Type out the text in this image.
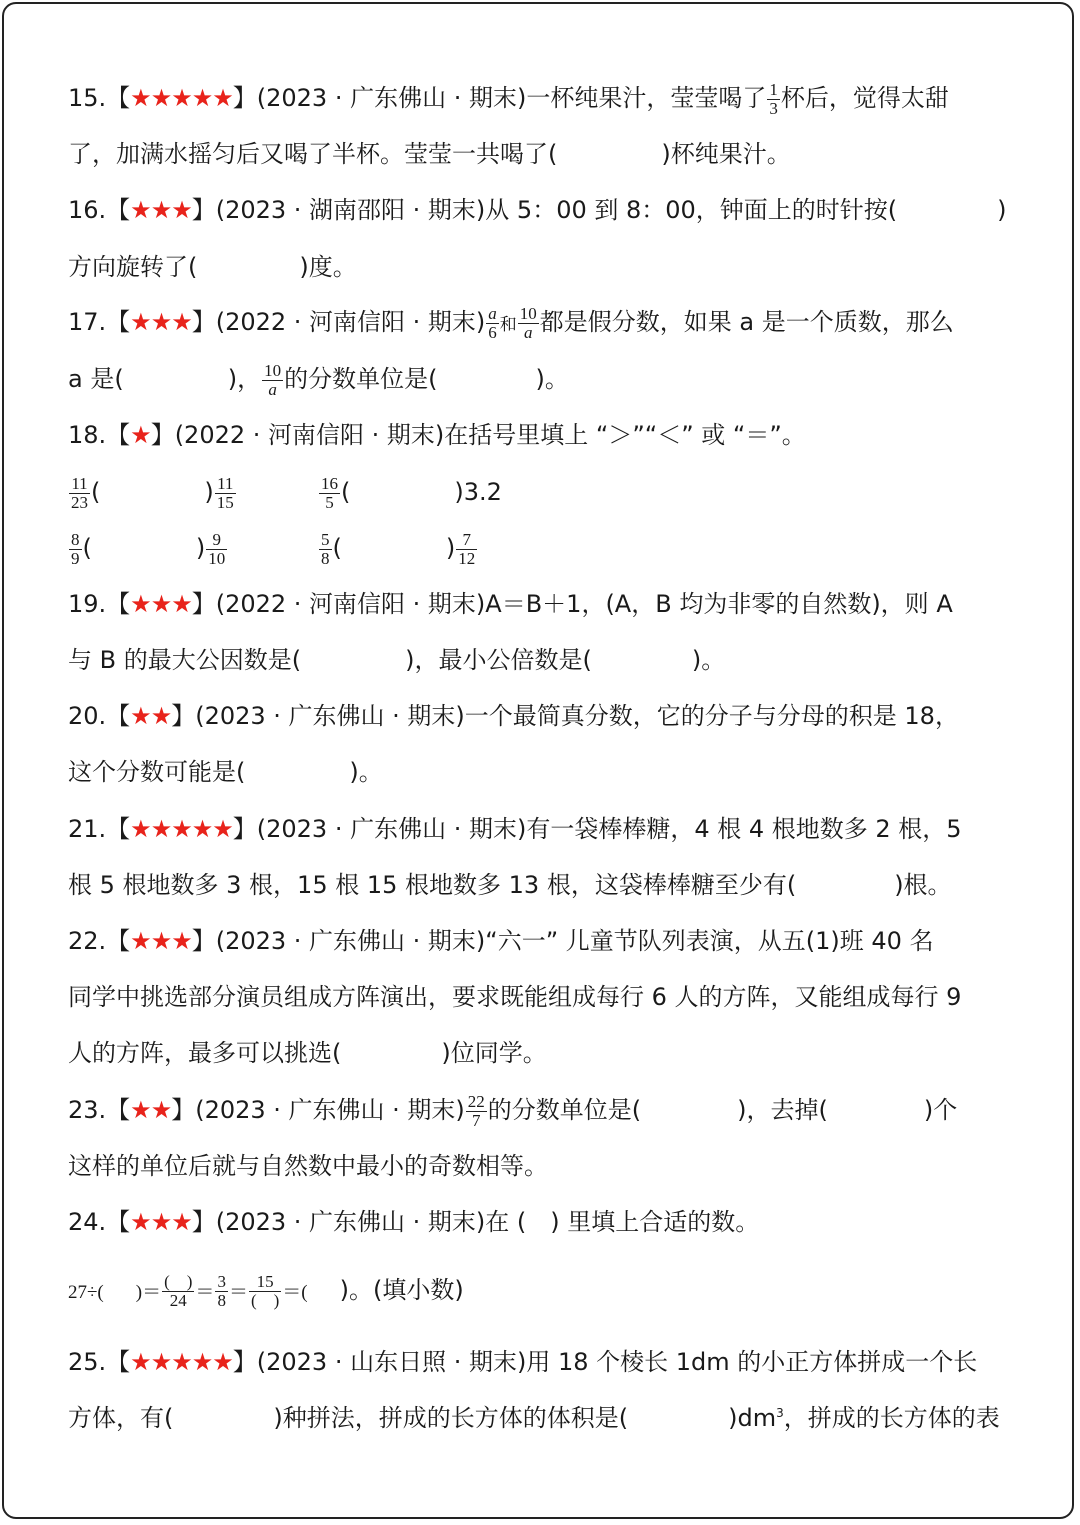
15.【★★★★★】(2023 · 广东佛山 · 期末)一杯纯果汁，莹莹喝了 $\frac{1}{3}$ 杯后，觉得太甜
了，加满水摇匀后又喝了半杯。莹莹一共喝了(	)杯纯果汁。
16.【★★★】(2023 · 湖南邵阳 · 期末)从 5：00 到 8：00，钟面上的时针按(	)
方向旋转了(	)度。
17.【★★★】(2022 · 河南信阳 · 期末) $\frac{a}{6}$ 和 $\frac{10}{a}$ 都是假分数，如果 a 是一个质数，那么
a 是(	)， $\frac{10}{a}$ 的分数单位是(	)。
18.【★】(2022 · 河南信阳 · 期末)在括号里填上 “＞”“＜” 或 “＝”。
$\frac{11}{23}$ (	) $\frac{11}{15}$	$\frac{16}{5}$ (	)3.2
$\frac{8}{9}$ (	) $\frac{9}{10}$	$\frac{5}{8}$ (	) $\frac{7}{12}$
19.【★★★】(2022 · 河南信阳 · 期末)A＝B＋1，(A，B 均为非零的自然数)，则 A
与 B 的最大公因数是(	)，最小公倍数是(	)。
20.【★★】(2023 · 广东佛山 · 期末)一个最简真分数，它的分子与分母的积是 18，
这个分数可能是(	)。
21.【★★★★★】(2023 · 广东佛山 · 期末)有一袋棒棒糖，4 根 4 根地数多 2 根，5
根 5 根地数多 3 根，15 根 15 根地数多 13 根，这袋棒棒糖至少有(	)根。
22.【★★★】(2023 · 广东佛山 · 期末)“六一” 儿童节队列表演，从五(1)班 40 名
同学中挑选部分演员组成方阵演出，要求既能组成每行 6 人的方阵，又能组成每行 9
人的方阵，最多可以挑选(	)位同学。
23.【★★】(2023 · 广东佛山 · 期末) $\frac{22}{7}$ 的分数单位是(	)，去掉(	)个
这样的单位后就与自然数中最小的奇数相等。
24.【★★★】(2023 · 广东佛山 · 期末)在 (　) 里填上合适的数。
27÷( )＝ $\frac{( )}{24} = \frac{3}{8} = \frac{15}{( )}$ ＝( )。(填小数)
25.【★★★★★】(2023 · 山东日照 · 期末)用 18 个棱长 1dm 的小正方体拼成一个长
方体，有(	)种拼法，拼成的长方体的体积是(	)$dm^3$，拼成的长方体的表
